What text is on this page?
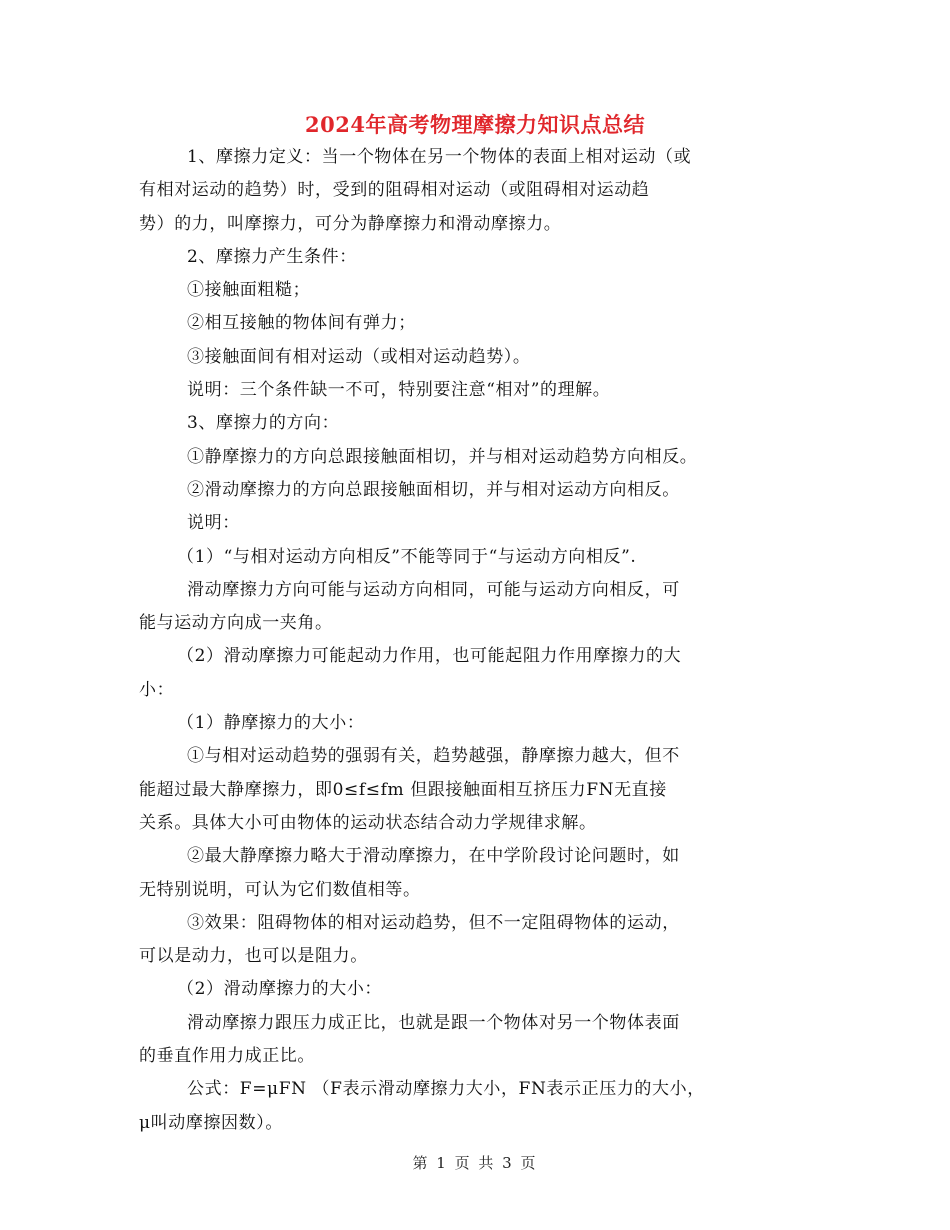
2024年高考物理摩擦力知识点总结

1、摩擦力定义：当一个物体在另一个物体的表面上相对运动（或

有相对运动的趋势）时，受到的阻碍相对运动（或阻碍相对运动趋

势）的力，叫摩擦力，可分为静摩擦力和滑动摩擦力。

2、摩擦力产生条件：

①接触面粗糙；

②相互接触的物体间有弹力；

③接触面间有相对运动（或相对运动趋势）。

说明：三个条件缺一不可，特别要注意“相对”的理解。

3、摩擦力的方向：

①静摩擦力的方向总跟接触面相切，并与相对运动趋势方向相反。

②滑动摩擦力的方向总跟接触面相切，并与相对运动方向相反。

说明：

（1）“与相对运动方向相反”不能等同于“与运动方向相反”.

滑动摩擦力方向可能与运动方向相同，可能与运动方向相反，可

能与运动方向成一夹角。

（2）滑动摩擦力可能起动力作用，也可能起阻力作用摩擦力的大

小：

（1）静摩擦力的大小：

①与相对运动趋势的强弱有关，趋势越强，静摩擦力越大，但不

能超过最大静摩擦力，即0≤f≤fm 但跟接触面相互挤压力FN无直接

关系。具体大小可由物体的运动状态结合动力学规律求解。

②最大静摩擦力略大于滑动摩擦力，在中学阶段讨论问题时，如

无特别说明，可认为它们数值相等。

③效果：阻碍物体的相对运动趋势，但不一定阻碍物体的运动，

可以是动力，也可以是阻力。

（2）滑动摩擦力的大小：

滑动摩擦力跟压力成正比，也就是跟一个物体对另一个物体表面

的垂直作用力成正比。

公式：F=μFN （F表示滑动摩擦力大小，FN表示正压力的大小，

μ叫动摩擦因数）。

第 1 页 共 3 页
